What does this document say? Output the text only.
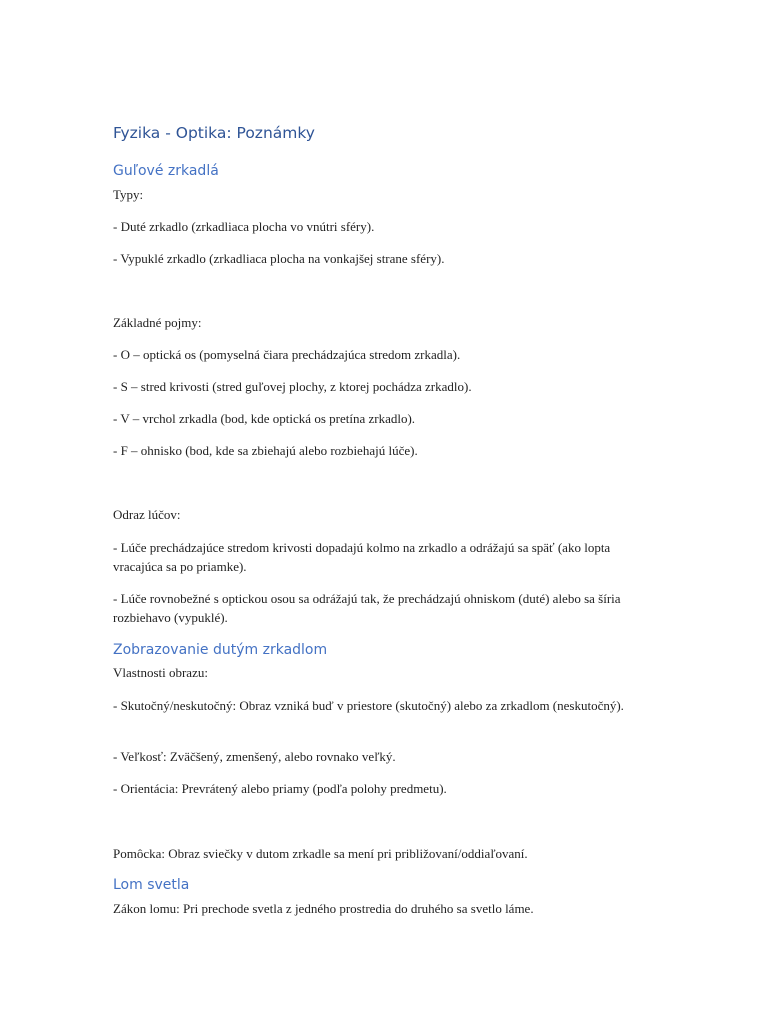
Fyzika - Optika: Poznámky
Guľové zrkadlá
Typy:
- Duté zrkadlo (zrkadliaca plocha vo vnútri sféry).
- Vypuklé zrkadlo (zrkadliaca plocha na vonkajšej strane sféry).
Základné pojmy:
- O – optická os (pomyselná čiara prechádzajúca stredom zrkadla).
- S – stred krivosti (stred guľovej plochy, z ktorej pochádza zrkadlo).
- V – vrchol zrkadla (bod, kde optická os pretína zrkadlo).
- F – ohnisko (bod, kde sa zbiehajú alebo rozbiehajú lúče).
Odraz lúčov:
- Lúče prechádzajúce stredom krivosti dopadajú kolmo na zrkadlo a odrážajú sa späť (ako lopta vracajúca sa po priamke).
- Lúče rovnobežné s optickou osou sa odrážajú tak, že prechádzajú ohniskom (duté) alebo sa šíria rozbiehavo (vypuklé).
Zobrazovanie dutým zrkadlom
Vlastnosti obrazu:
- Skutočný/neskutočný: Obraz vzniká buď v priestore (skutočný) alebo za zrkadlom (neskutočný).
- Veľkosť: Zväčšený, zmenšený, alebo rovnako veľký.
- Orientácia: Prevrátený alebo priamy (podľa polohy predmetu).
Pomôcka: Obraz sviečky v dutom zrkadle sa mení pri približovaní/oddiaľovaní.
Lom svetla
Zákon lomu: Pri prechode svetla z jedného prostredia do druhého sa svetlo láme.
